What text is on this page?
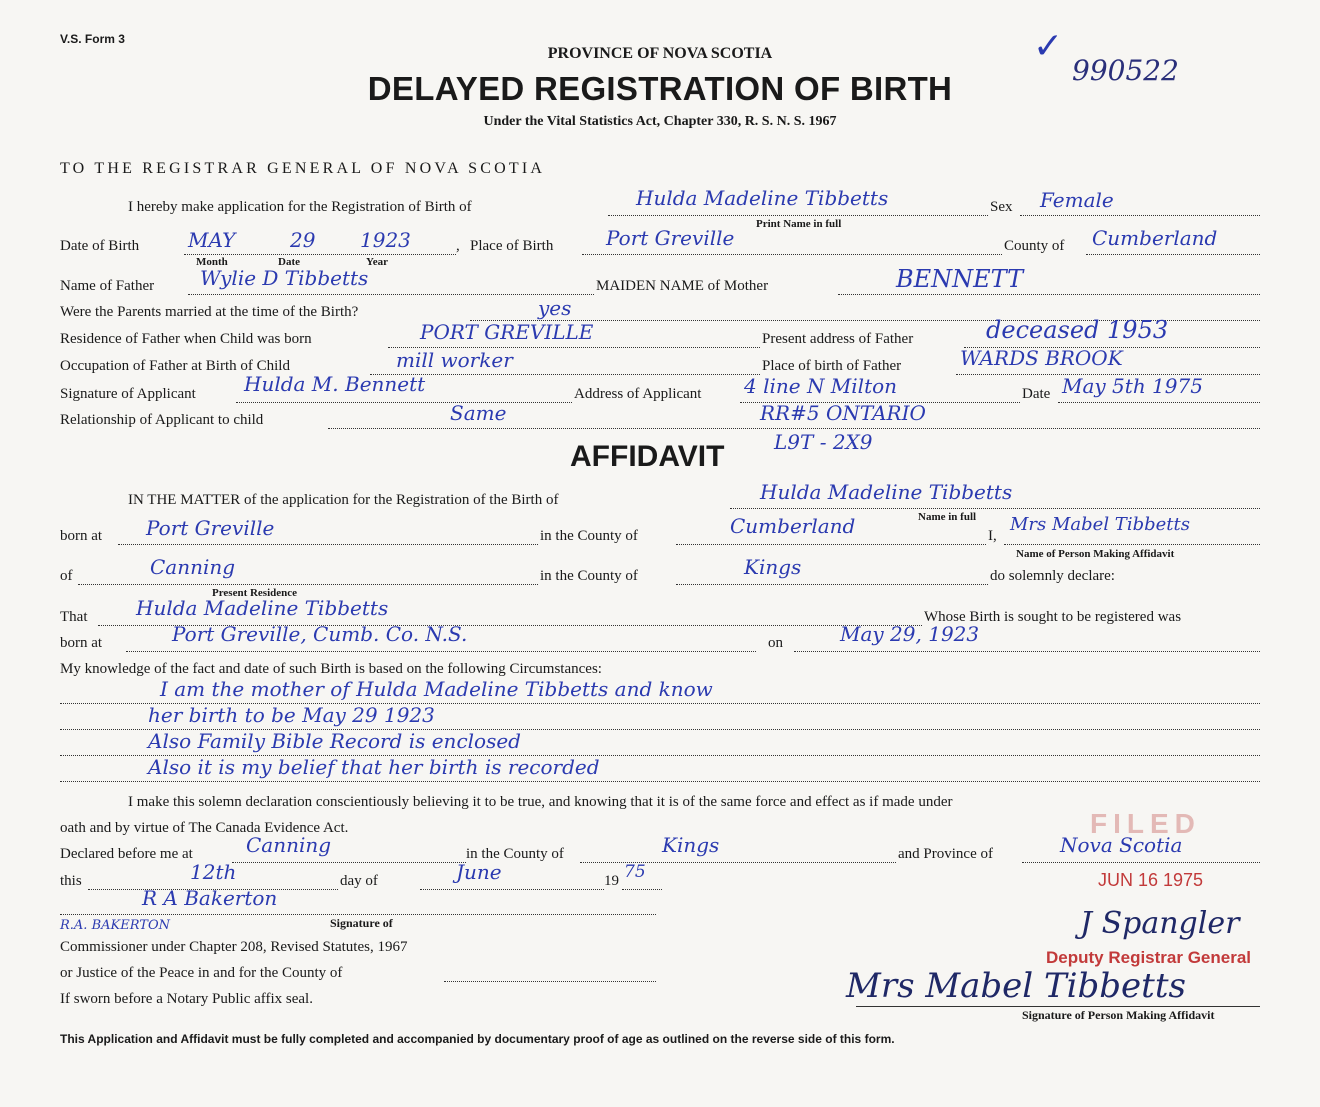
V.S. Form 3	✓
990522
PROVINCE OF NOVA SCOTIA
DELAYED REGISTRATION OF BIRTH
Under the Vital Statistics Act, Chapter 330, R. S. N. S. 1967
TO THE REGISTRAR GENERAL OF NOVA SCOTIA
I hereby make application for the Registration of Birth of	Hulda Madeline Tibbetts
Print Name in full
Sex Female
Date of Birth MAY	29 1923
Month	Date	Year
, Place of Birth	Port Greville	County of Cumberland
Name of Father Wylie D Tibbetts	MAIDEN NAME of Mother	BENNETT
Were the Parents married at the time of the Birth?	yes
Residence of Father when Child was born	PORT GREVILLE	Present address of Father	deceased 1953
Occupation of Father at Birth of Child	mill worker	Place of birth of Father	WARDS BROOK
Signature of Applicant Hulda M. Bennett	Address of Applicant 4 line N Milton	Date May 5th 1975
Relationship of Applicant to child	Same	RR#5 ONTARIO
L9T - 2X9
AFFIDAVIT
IN THE MATTER of the application for the Registration of the Birth of	Hulda Madeline Tibbetts
Name in full
born at Port Greville	in the County of	Cumberland	I,
Mrs Mabel Tibbetts
Name of Person Making Affidavit
of	Canning
Present Residence
in the County of	Kings	do solemnly declare:
That Hulda Madeline Tibbetts	Whose Birth is sought to be registered was
born at	Port Greville, Cumb. Co. N.S.	on	May 29, 1923
My knowledge of the fact and date of such Birth is based on the following Circumstances:
I am the mother of Hulda Madeline Tibbetts and know
her birth to be May 29 1923
Also Family Bible Record is enclosed
Also it is my belief that her birth is recorded
I make this solemn declaration conscientiously believing it to be true, and knowing that it is of the same force and effect as if made under
oath and by virtue of The Canada Evidence Act.
Declared before me at	Canning	in the County of	Kings	and Province of	Nova Scotia
this	12th	day of	June	19 75
R A Bakerton
Signature of
R.A. BAKERTON
Commissioner under Chapter 208, Revised Statutes, 1967
or Justice of the Peace in and for the County of
If sworn before a Notary Public affix seal.
FILED
JUN 16 1975
J Spangler
Deputy Registrar General
Mrs Mabel Tibbetts
Signature of Person Making Affidavit
This Application and Affidavit must be fully completed and accompanied by documentary proof of age as outlined on the reverse side of this form.
